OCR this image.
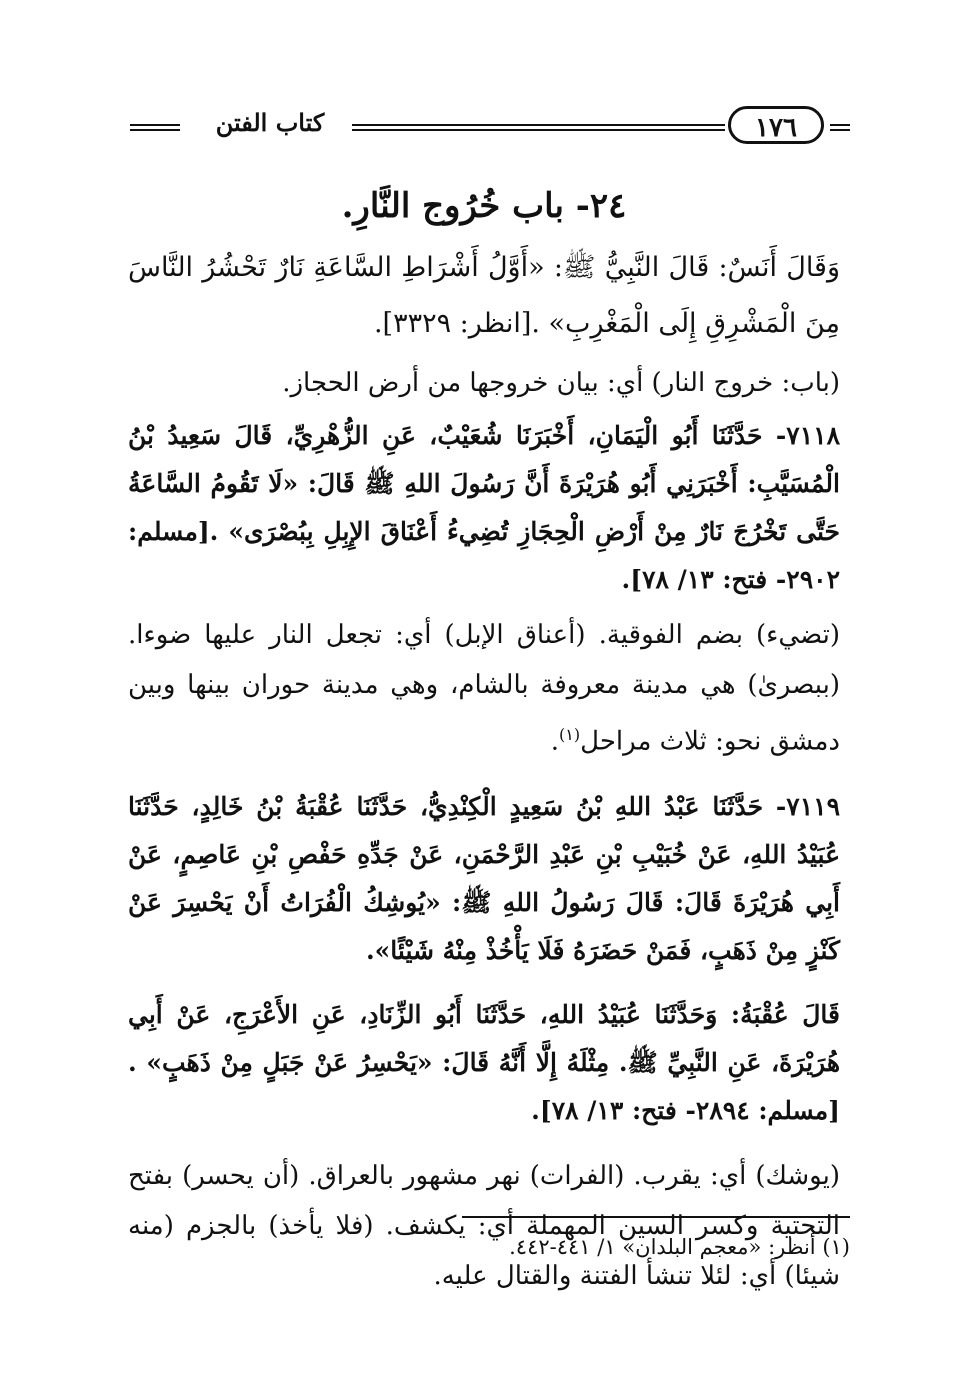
كتاب الفتن	١٧٦
٢٤- باب خُرُوج النَّارِ.

وَقَالَ أَنَسٌ: قَالَ النَّبِيُّ ﷺ: «أَوَّلُ أَشْرَاطِ السَّاعَةِ نَارٌ تَحْشُرُ النَّاسَ مِنَ الْمَشْرِقِ إِلَى الْمَغْرِبِ» .[انظر: ٣٣٢٩].

(باب: خروج النار) أي: بيان خروجها من أرض الحجاز.

٧١١٨- حَدَّثَنَا أَبُو الْيَمَانِ، أَخْبَرَنَا شُعَيْبٌ، عَنِ الزُّهْرِيِّ، قَالَ سَعِيدُ بْنُ الْمُسَيَّبِ: أَخْبَرَنِي أَبُو هُرَيْرَةَ أَنَّ رَسُولَ اللهِ ﷺ قَالَ: «لَا تَقُومُ السَّاعَةُ حَتَّى تَخْرُجَ نَارٌ مِنْ أَرْضِ الْحِجَازِ تُضِيءُ أَعْنَاقَ الإِبِلِ بِبُصْرَى» .[مسلم: ٢٩٠٢- فتح: ١٣/ ٧٨].

(تضيء) بضم الفوقية. (أعناق الإبل) أي: تجعل النار عليها ضوءا. (ببصرىٰ) هي مدينة معروفة بالشام، وهي مدينة حوران بينها وبين دمشق نحو: ثلاث مراحل$^{(١)}$.

٧١١٩- حَدَّثَنَا عَبْدُ اللهِ بْنُ سَعِيدٍ الْكِنْدِيُّ، حَدَّثَنَا عُقْبَةُ بْنُ خَالِدٍ، حَدَّثَنَا عُبَيْدُ اللهِ، عَنْ خُبَيْبِ بْنِ عَبْدِ الرَّحْمَنِ، عَنْ جَدِّهِ حَفْصِ بْنِ عَاصِمٍ، عَنْ أَبِي هُرَيْرَةَ قَالَ: قَالَ رَسُولُ اللهِ ﷺ: «يُوشِكُ الْفُرَاتُ أَنْ يَحْسِرَ عَنْ كَنْزٍ مِنْ ذَهَبٍ، فَمَنْ حَضَرَهُ فَلَا يَأْخُذْ مِنْهُ شَيْئًا».

قَالَ عُقْبَةُ: وَحَدَّثَنَا عُبَيْدُ اللهِ، حَدَّثَنَا أَبُو الزِّنَادِ، عَنِ الأَعْرَجِ، عَنْ أَبِي هُرَيْرَةَ، عَنِ النَّبِيِّ ﷺ. مِثْلَهُ إِلَّا أَنَّهُ قَالَ: «يَحْسِرُ عَنْ جَبَلٍ مِنْ ذَهَبٍ» .[مسلم: ٢٨٩٤- فتح: ١٣/ ٧٨].

(يوشك) أي: يقرب. (الفرات) نهر مشهور بالعراق. (أن يحسر) بفتح التحتية وكسر السين المهملة أي: يكشف. (فلا يأخذ) بالجزم (منه شيئا) أي: لئلا تنشأ الفتنة والقتال عليه.

(١) أنظر: «معجم البلدان» ١/ ٤٤١-٤٤٢.
